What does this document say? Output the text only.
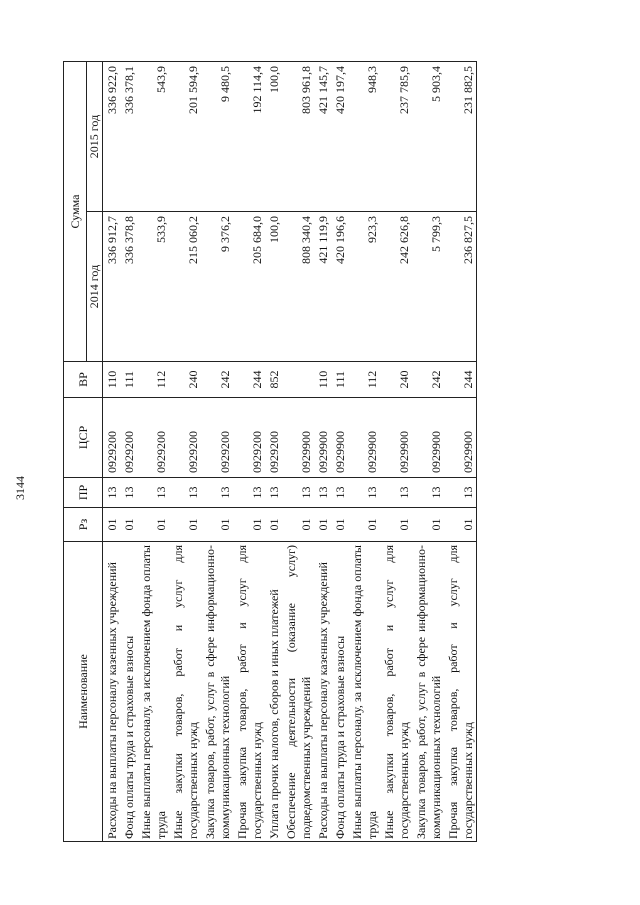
3144
Наименование	Рз	ПР	ЦСР	ВР	Сумма	
					2014 год	2015 год
Расходы на выплаты персоналу казенных учреждений	01	13	0929200	110	336 912,7	336 922,0
Фонд оплаты труда и страховые взносы	01	13	0929200	111	336 378,8	336 378,1
Иные выплаты персоналу, за исключением фонда оплаты труда	01	13	0929200	112	533,9	543,9
Иные закупки товаров, работ и услуг для государственных нужд	01	13	0929200	240	215 060,2	201 594,9
Закупка товаров, работ, услуг в сфере информационно-коммуникационных технологий	01	13	0929200	242	9 376,2	9 480,5
Прочая закупка товаров, работ и услуг для государственных нужд	01	13	0929200	244	205 684,0	192 114,4
Уплата прочих налогов, сборов и иных платежей	01	13	0929200	852	100,0	100,0
Обеспечение деятельности (оказание услуг) подведомственных учреждений	01	13	0929900		808 340,4	803 961,8
Расходы на выплаты персоналу казенных учреждений	01	13	0929900	110	421 119,9	421 145,7
Фонд оплаты труда и страховые взносы	01	13	0929900	111	420 196,6	420 197,4
Иные выплаты персоналу, за исключением фонда оплаты труда	01	13	0929900	112	923,3	948,3
Иные закупки товаров, работ и услуг для государственных нужд	01	13	0929900	240	242 626,8	237 785,9
Закупка товаров, работ, услуг в сфере информационно-коммуникационных технологий	01	13	0929900	242	5 799,3	5 903,4
Прочая закупка товаров, работ и услуг для государственных нужд	01	13	0929900	244	236 827,5	231 882,5
